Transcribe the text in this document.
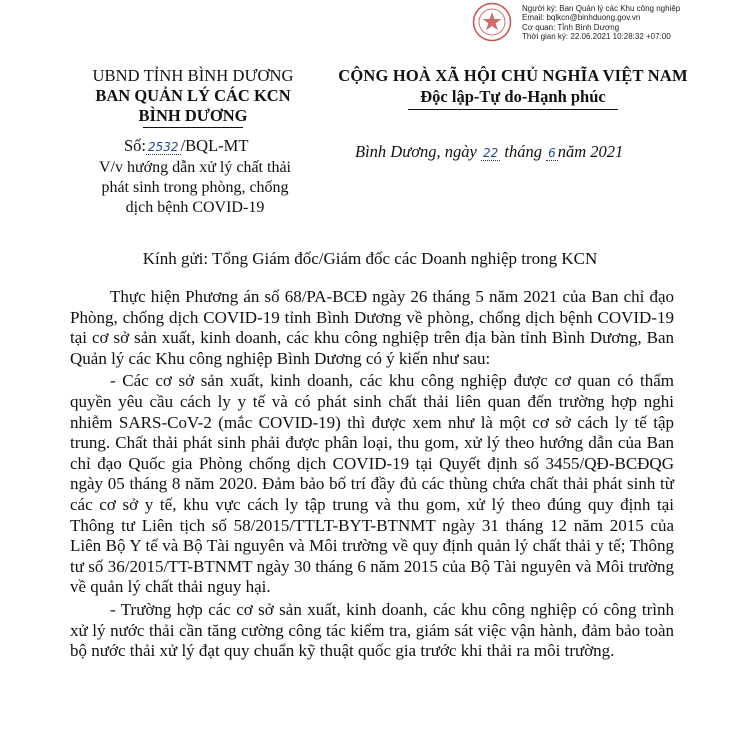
Người ký: Ban Quản lý các Khu công nghiệp
Email: bqlkcn@binhduong.gov.vn
Cơ quan: Tỉnh Bình Dương
Thời gian ký: 22.06.2021 10:28:32 +07:00
UBND TỈNH BÌNH DƯƠNG
BAN QUẢN LÝ CÁC KCN
BÌNH DƯƠNG
CỘNG HOÀ XÃ HỘI CHỦ NGHĨA VIỆT NAM
Độc lập-Tự do-Hạnh phúc
Số: 2532 /BQL-MT	Bình Dương, ngày 22 tháng 6 năm 2021
V/v hướng dẫn xử lý chất thải
phát sinh trong phòng, chống
dịch bệnh COVID-19
Kính gửi: Tổng Giám đốc/Giám đốc các Doanh nghiệp trong KCN

Thực hiện Phương án số 68/PA-BCĐ ngày 26 tháng 5 năm 2021 của Ban chỉ đạo Phòng, chống dịch COVID-19 tỉnh Bình Dương về phòng, chống dịch bệnh COVID-19 tại cơ sở sản xuất, kinh doanh, các khu công nghiệp trên địa bàn tỉnh Bình Dương, Ban Quản lý các Khu công nghiệp Bình Dương có ý kiến như sau:

- Các cơ sở sản xuất, kinh doanh, các khu công nghiệp được cơ quan có thẩm quyền yêu cầu cách ly y tế và có phát sinh chất thải liên quan đến trường hợp nghi nhiễm SARS-CoV-2 (mắc COVID-19) thì được xem như là một cơ sở cách ly tế tập trung. Chất thải phát sinh phải được phân loại, thu gom, xử lý theo hướng dẫn của Ban chỉ đạo Quốc gia Phòng chống dịch COVID-19 tại Quyết định số 3455/QĐ-BCĐQG ngày 05 tháng 8 năm 2020. Đảm bảo bố trí đầy đủ các thùng chứa chất thải phát sinh từ các cơ sở y tế, khu vực cách ly tập trung và thu gom, xử lý theo đúng quy định tại Thông tư Liên tịch số 58/2015/TTLT-BYT-BTNMT ngày 31 tháng 12 năm 2015 của Liên Bộ Y tế và Bộ Tài nguyên và Môi trường về quy định quản lý chất thải y tế; Thông tư số 36/2015/TT-BTNMT ngày 30 tháng 6 năm 2015 của Bộ Tài nguyên và Môi trường về quản lý chất thải nguy hại.

- Trường hợp các cơ sở sản xuất, kinh doanh, các khu công nghiệp có công trình xử lý nước thải cần tăng cường công tác kiểm tra, giám sát việc vận hành, đảm bảo toàn bộ nước thải xử lý đạt quy chuẩn kỹ thuật quốc gia trước khi thải ra môi trường.
